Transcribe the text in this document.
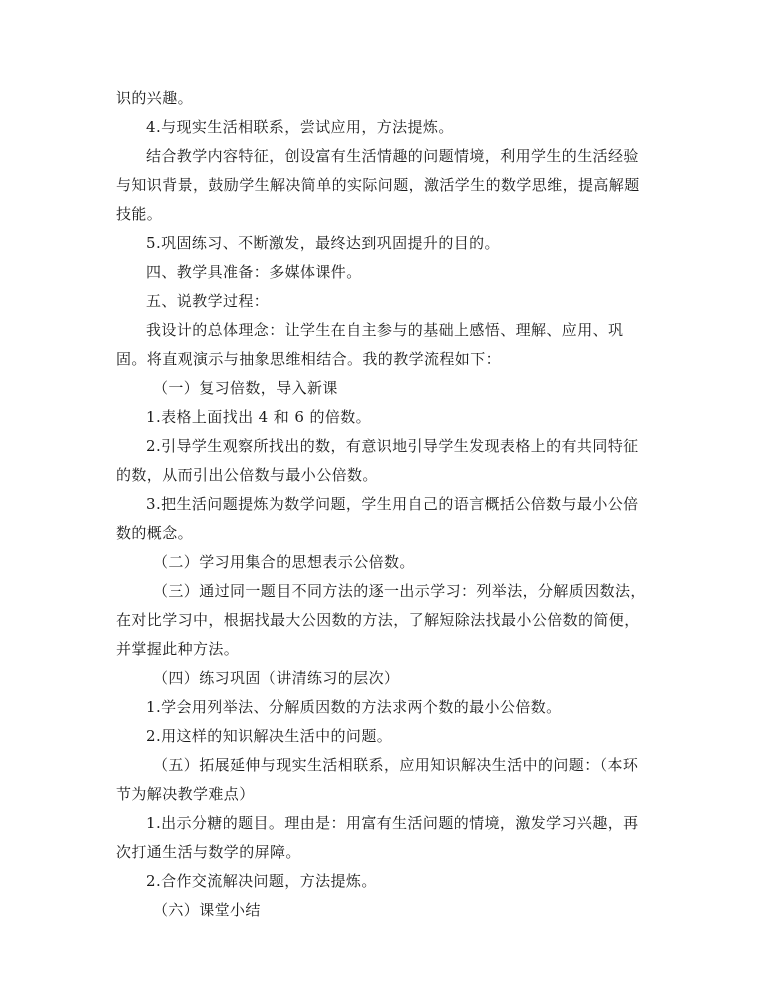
识的兴趣。
4.与现实生活相联系，尝试应用，方法提炼。
结合教学内容特征，创设富有生活情趣的问题情境，利用学生的生活经验
与知识背景，鼓励学生解决简单的实际问题，激活学生的数学思维，提高解题
技能。
5.巩固练习、不断激发，最终达到巩固提升的目的。
四、教学具准备：多媒体课件。
五、说教学过程：
我设计的总体理念：让学生在自主参与的基础上感悟、理解、应用、巩
固。将直观演示与抽象思维相结合。我的教学流程如下：
（一）复习倍数，导入新课
1.表格上面找出 4 和 6 的倍数。
2.引导学生观察所找出的数，有意识地引导学生发现表格上的有共同特征
的数，从而引出公倍数与最小公倍数。
3.把生活问题提炼为数学问题，学生用自己的语言概括公倍数与最小公倍
数的概念。
（二）学习用集合的思想表示公倍数。
（三）通过同一题目不同方法的逐一出示学习：列举法，分解质因数法，
在对比学习中，根据找最大公因数的方法，了解短除法找最小公倍数的简便，
并掌握此种方法。
（四）练习巩固（讲清练习的层次）
1.学会用列举法、分解质因数的方法求两个数的最小公倍数。
2.用这样的知识解决生活中的问题。
（五）拓展延伸与现实生活相联系，应用知识解决生活中的问题：（本环
节为解决教学难点）
1.出示分糖的题目。理由是：用富有生活问题的情境，激发学习兴趣，再
次打通生活与数学的屏障。
2.合作交流解决问题，方法提炼。
（六）课堂小结
